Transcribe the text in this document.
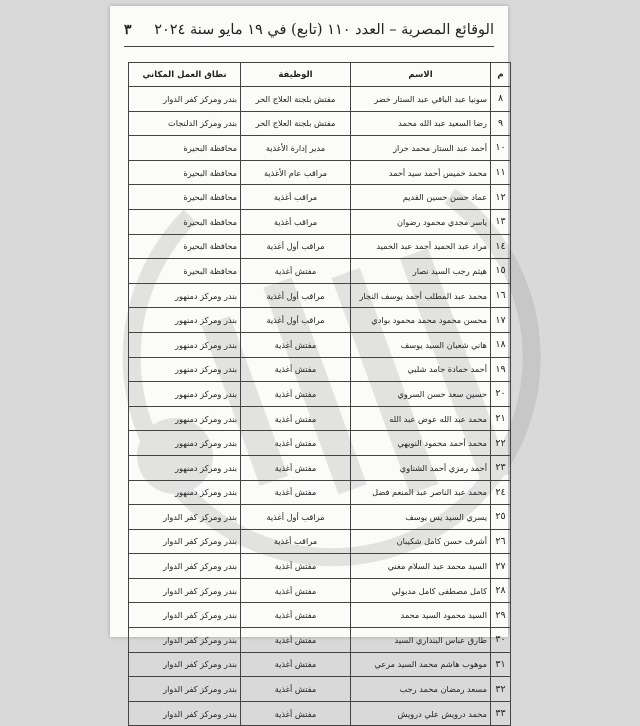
الوقائع المصرية – العدد ١١٠ (تابع) في ١٩ مايو سنة ٢٠٢٤
٣
م	الاسم	الوظيفة	نطاق العمل المكاني
٨	سونيا عبد الباقي عبد الستار خضر	مفتش بلجنة العلاج الحر	بندر ومركز كفر الدوار
٩	رضا السعيد عبد الله محمد	مفتش بلجنة العلاج الحر	بندر ومركز الدلنجات
١٠	أحمد عبد الستار محمد حراز	مدير إدارة الأغذية	محافظة البحيرة
١١	محمد خميس أحمد سيد أحمد	مراقب عام الأغذية	محافظة البحيرة
١٢	عماد حسن حسين القديم	مراقب أغذية	محافظة البحيرة
١٣	ياسر مجدي محمود رضوان	مراقب أغذية	محافظة البحيرة
١٤	مراد عبد الحميد أحمد عبد الحميد	مراقب أول أغذية	محافظة البحيرة
١٥	هيثم رجب السيد نصار	مفتش أغذية	محافظة البحيرة
١٦	محمد عبد المطلب أحمد يوسف النجار	مراقب أول أغذية	بندر ومركز دمنهور
١٧	محسن محمود محمد محمود بوادي	مراقب أول أغذية	بندر ومركز دمنهور
١٨	هاني شعبان السيد يوسف	مفتش أغذية	بندر ومركز دمنهور
١٩	أحمد حمادة حامد شلبي	مفتش أغذية	بندر ومركز دمنهور
٢٠	حسين سعد حسن السروي	مفتش أغذية	بندر ومركز دمنهور
٢١	محمد عبد الله عوض عبد الله	مفتش أغذية	بندر ومركز دمنهور
٢٢	محمد أحمد محمود النويهي	مفتش أغذية	بندر ومركز دمنهور
٢٣	أحمد رمزي أحمد الشناوي	مفتش أغذية	بندر ومركز دمنهور
٢٤	محمد عبد الناصر عبد المنعم فضل	مفتش أغذية	بندر ومركز دمنهور
٢٥	يسري السيد يس يوسف	مراقب أول أغذية	بندر ومركز كفر الدوار
٢٦	أشرف حسن كامل شكيبان	مراقب أغذية	بندر ومركز كفر الدوار
٢٧	السيد محمد عبد السلام مغني	مفتش أغذية	بندر ومركز كفر الدوار
٢٨	كامل مصطفى كامل مدبولي	مفتش أغذية	بندر ومركز كفر الدوار
٢٩	السيد محمود السيد محمد	مفتش أغذية	بندر ومركز كفر الدوار
٣٠	طارق عباس البنداري السيد	مفتش أغذية	بندر ومركز كفر الدوار
٣١	موهوب هاشم محمد السيد مرعي	مفتش أغذية	بندر ومركز كفر الدوار
٣٢	مسعد رمضان محمد رجب	مفتش أغذية	بندر ومركز كفر الدوار
٣٣	محمد درويش علي درويش	مفتش أغذية	بندر ومركز كفر الدوار
